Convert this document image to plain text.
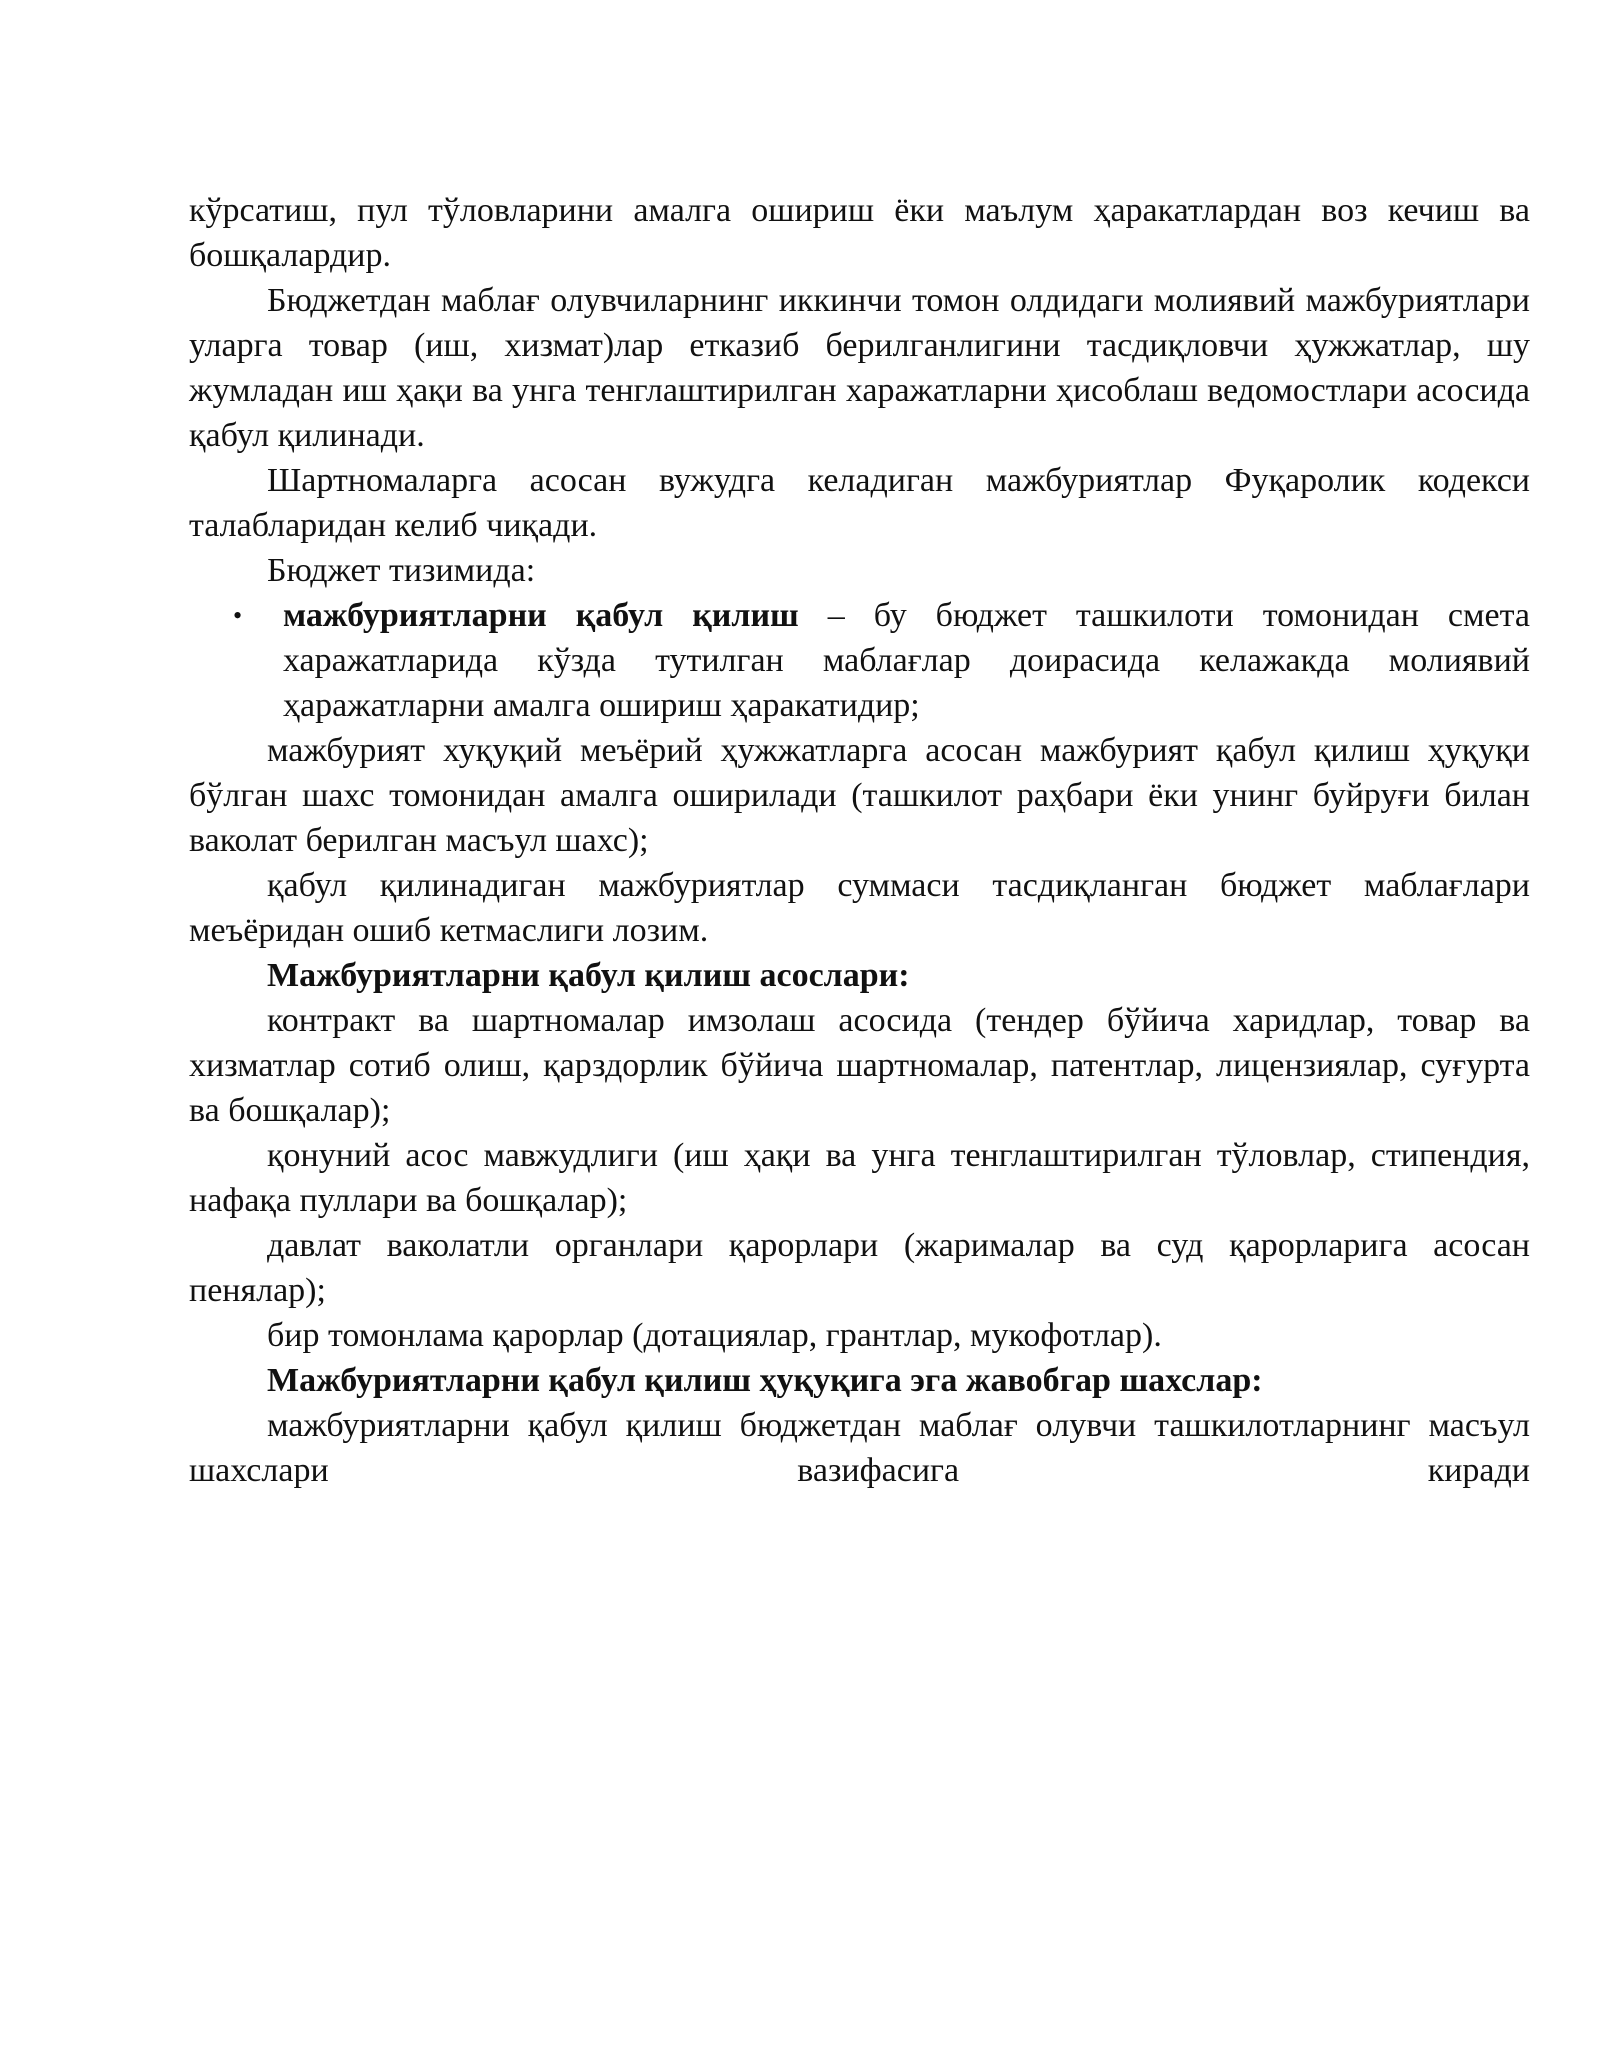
кўрсатиш, пул тўловларини амалга ошириш ёки маълум ҳаракатлардан воз кечиш ва бошқалардир.

Бюджетдан маблағ олувчиларнинг иккинчи томон олдидаги молиявий мажбуриятлари уларга товар (иш, хизмат)лар етказиб берилганлигини тасдиқловчи ҳужжатлар, шу жумладан иш ҳақи ва унга тенглаштирилган харажатларни ҳисоблаш ведомостлари асосида қабул қилинади.

Шартномаларга асосан вужудга келадиган мажбуриятлар Фуқаролик кодекси талабларидан келиб чиқади.

Бюджет тизимида:

• мажбуриятларни қабул қилиш – бу бюджет ташкилоти томонидан смета харажатларида кўзда тутилган маблағлар доирасида келажакда молиявий ҳаражатларни амалга ошириш ҳаракатидир;

мажбурият хуқуқий меъёрий ҳужжатларга асосан мажбурият қабул қилиш ҳуқуқи бўлган шахс томонидан амалга оширилади (ташкилот раҳбари ёки унинг буйруғи билан ваколат берилган масъул шахс);

қабул қилинадиган мажбуриятлар суммаси тасдиқланган бюджет маблағлари меъёридан ошиб кетмаслиги лозим.

Мажбуриятларни қабул қилиш асослари:

контракт ва шартномалар имзолаш асосида (тендер бўйича харидлар, товар ва хизматлар сотиб олиш, қарздорлик бўйича шартномалар, патентлар, лицензиялар, суғурта ва бошқалар);

қонуний асос мавжудлиги (иш ҳақи ва унга тенглаштирилган тўловлар, стипендия, нафақа пуллари ва бошқалар);

давлат ваколатли органлари қарорлари (жарималар ва суд қарорларига асосан пенялар);

бир томонлама қарорлар (дотациялар, грантлар, мукофотлар).

Мажбуриятларни қабул қилиш ҳуқуқига эга жавобгар шахслар:

мажбуриятларни қабул қилиш бюджетдан маблағ олувчи ташкилотларнинг масъул шахслари вазифасига киради
